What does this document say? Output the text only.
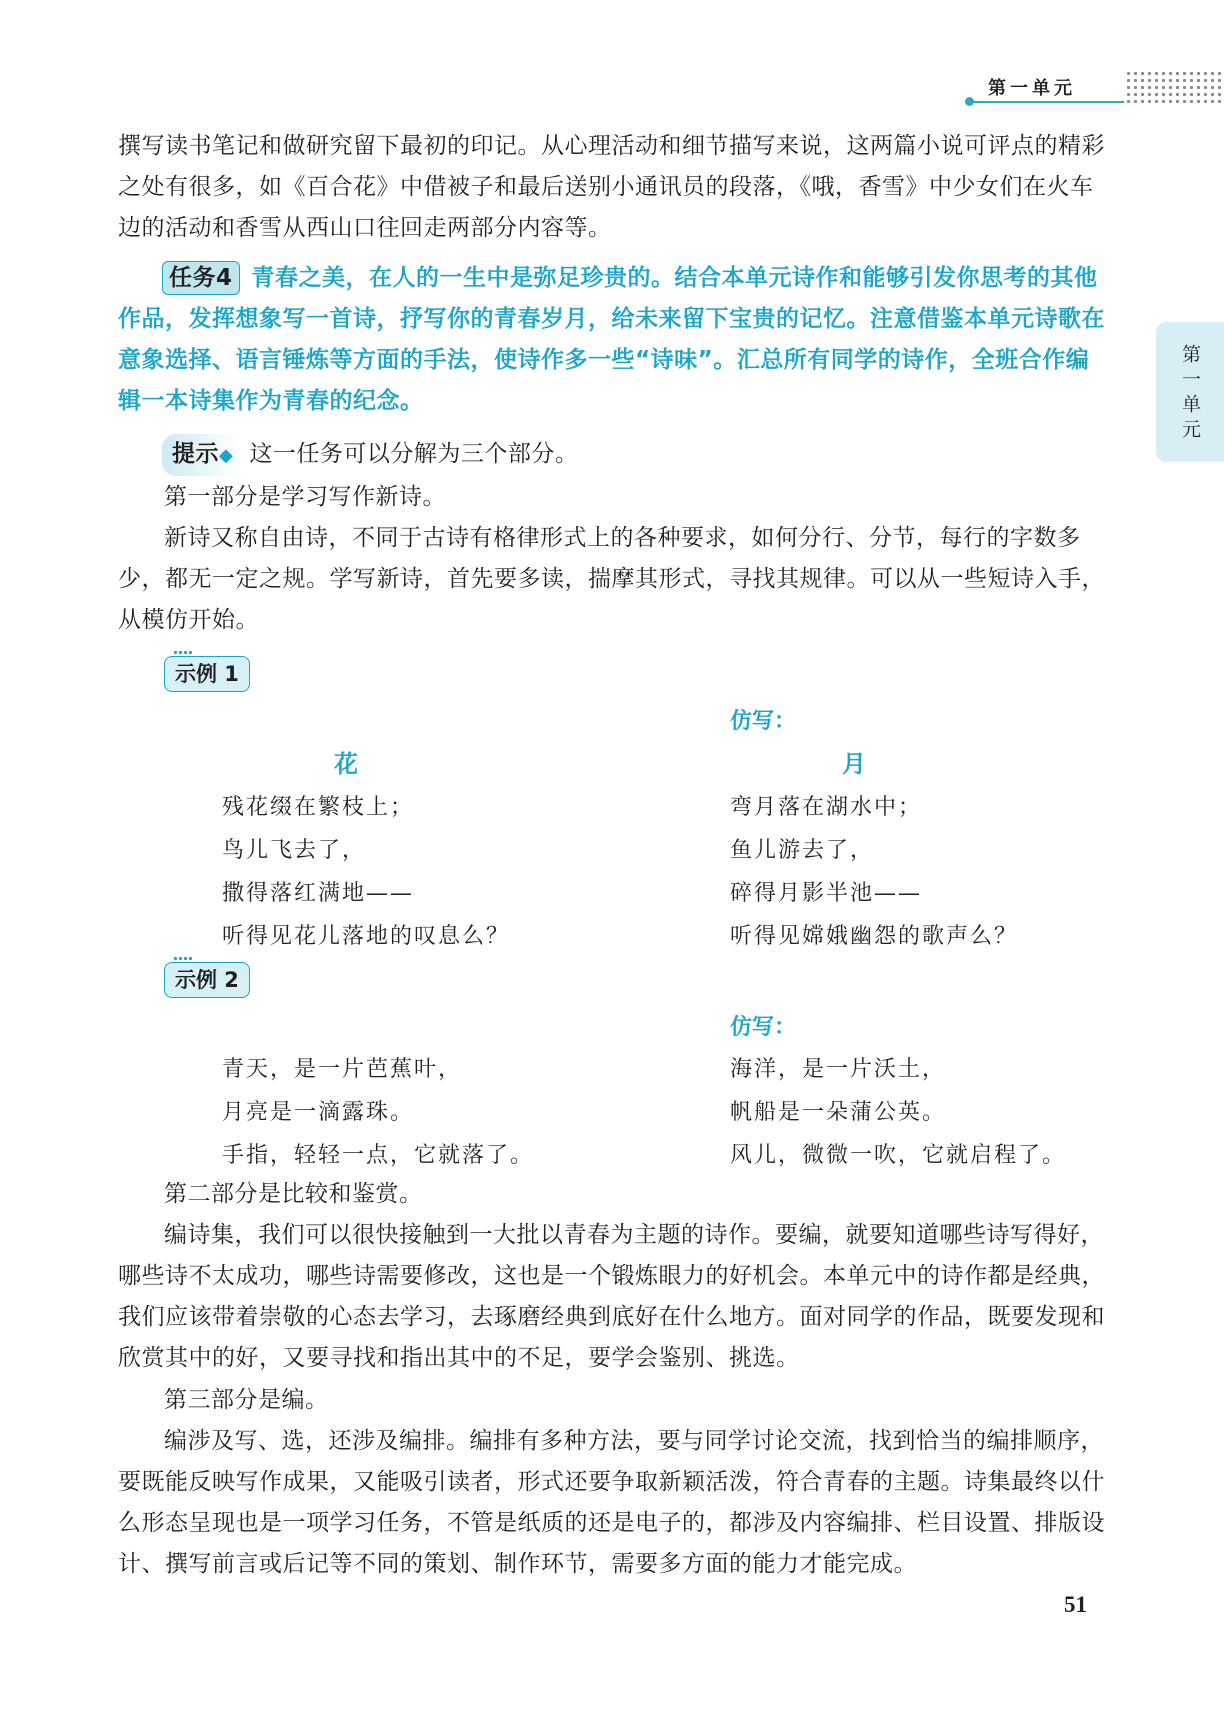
第一单元
第一单元
撰写读书笔记和做研究留下最初的印记。从心理活动和细节描写来说，这两篇小说可评点的精彩之处有很多，如《百合花》中借被子和最后送别小通讯员的段落，《哦，香雪》中少女们在火车边的活动和香雪从西山口往回走两部分内容等。
任务4 青春之美，在人的一生中是弥足珍贵的。结合本单元诗作和能够引发你思考的其他作品，发挥想象写一首诗，抒写你的青春岁月，给未来留下宝贵的记忆。注意借鉴本单元诗歌在意象选择、语言锤炼等方面的手法，使诗作多一些“诗味”。汇总所有同学的诗作，全班合作编辑一本诗集作为青春的纪念。
提示◆ 这一任务可以分解为三个部分。
第一部分是学习写作新诗。
新诗又称自由诗，不同于古诗有格律形式上的各种要求，如何分行、分节，每行的字数多少，都无一定之规。学写新诗，首先要多读，揣摩其形式，寻找其规律。可以从一些短诗入手，从模仿开始。
示例 1
仿写：
花	月
残花缀在繁枝上；
鸟儿飞去了，
撒得落红满地——
听得见花儿落地的叹息么？
弯月落在湖水中；
鱼儿游去了，
碎得月影半池——
听得见嫦娥幽怨的歌声么？
示例 2
仿写：
青天，是一片芭蕉叶，
月亮是一滴露珠。
手指，轻轻一点，它就落了。
海洋，是一片沃土，
帆船是一朵蒲公英。
风儿，微微一吹，它就启程了。
第二部分是比较和鉴赏。
编诗集，我们可以很快接触到一大批以青春为主题的诗作。要编，就要知道哪些诗写得好，哪些诗不太成功，哪些诗需要修改，这也是一个锻炼眼力的好机会。本单元中的诗作都是经典，我们应该带着崇敬的心态去学习，去琢磨经典到底好在什么地方。面对同学的作品，既要发现和欣赏其中的好，又要寻找和指出其中的不足，要学会鉴别、挑选。
第三部分是编。
编涉及写、选，还涉及编排。编排有多种方法，要与同学讨论交流，找到恰当的编排顺序，要既能反映写作成果，又能吸引读者，形式还要争取新颖活泼，符合青春的主题。诗集最终以什么形态呈现也是一项学习任务，不管是纸质的还是电子的，都涉及内容编排、栏目设置、排版设计、撰写前言或后记等不同的策划、制作环节，需要多方面的能力才能完成。
51
